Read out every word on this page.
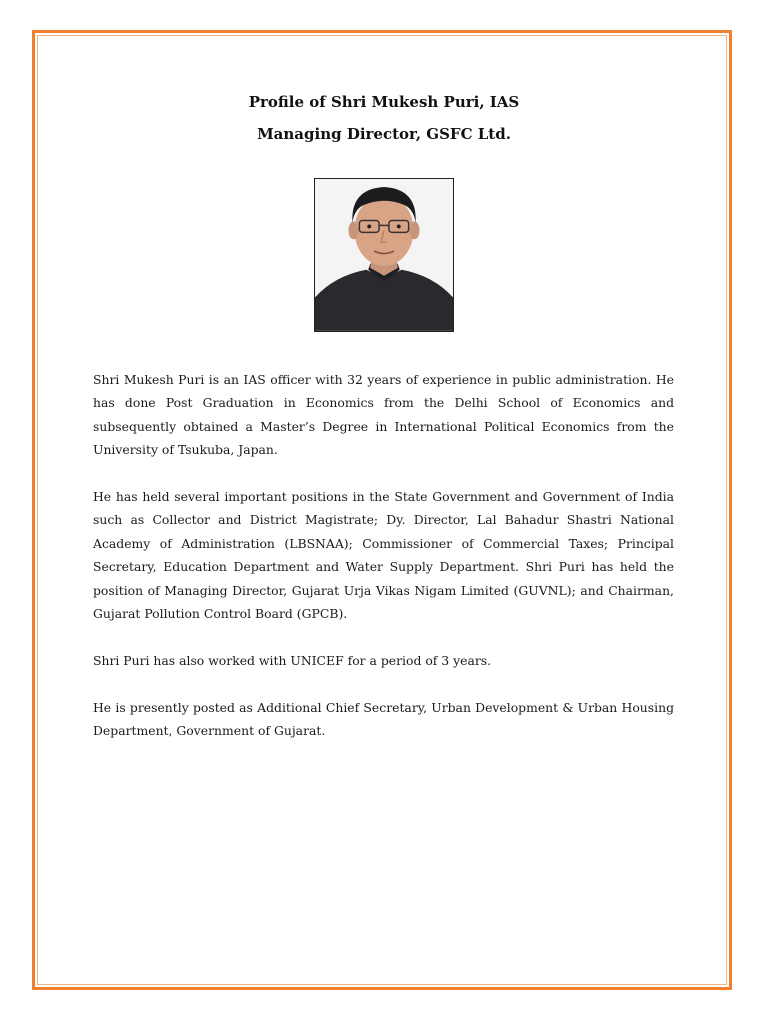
Profile of Shri Mukesh Puri, IAS
Managing Director, GSFC Ltd.

Shri Mukesh Puri is an IAS officer with 32 years of experience in public administration. He has done Post Graduation in Economics from the Delhi School of Economics and subsequently obtained a Master’s Degree in International Political Economics from the University of Tsukuba, Japan.

He has held several important positions in the State Government and Government of India such as Collector and District Magistrate; Dy. Director, Lal Bahadur Shastri National Academy of Administration (LBSNAA); Commissioner of Commercial Taxes; Principal Secretary, Education Department and Water Supply Department. Shri Puri has held the position of Managing Director, Gujarat Urja Vikas Nigam Limited (GUVNL); and Chairman, Gujarat Pollution Control Board (GPCB).

Shri Puri has also worked with UNICEF for a period of 3 years.

He is presently posted as Additional Chief Secretary, Urban Development & Urban Housing Department, Government of Gujarat.
